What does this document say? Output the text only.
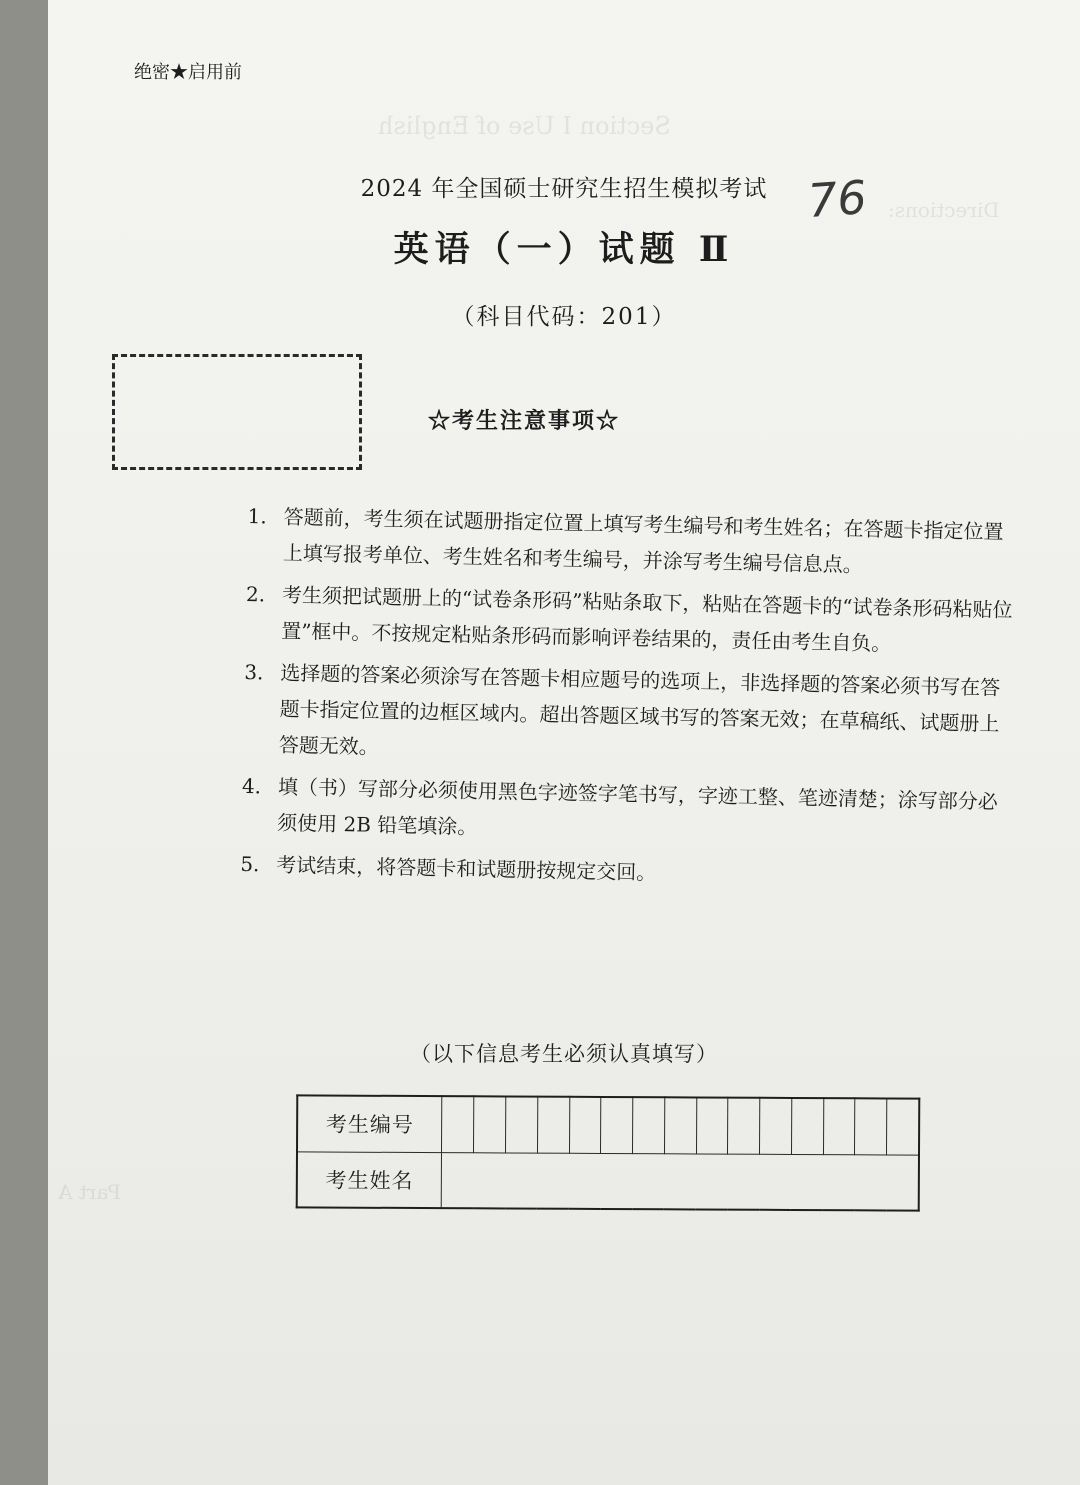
Section I Use of English
Directions:
Part A
绝密★启用前
2024 年全国硕士研究生招生模拟考试 76
英语（一）试题 Ⅱ
（科目代码：201）
☆考生注意事项☆
1. 答题前，考生须在试题册指定位置上填写考生编号和考生姓名；在答题卡指定位置上填写报考单位、考生姓名和考生编号，并涂写考生编号信息点。
2. 考生须把试题册上的“试卷条形码”粘贴条取下，粘贴在答题卡的“试卷条形码粘贴位置”框中。不按规定粘贴条形码而影响评卷结果的，责任由考生自负。
3. 选择题的答案必须涂写在答题卡相应题号的选项上，非选择题的答案必须书写在答题卡指定位置的边框区域内。超出答题区域书写的答案无效；在草稿纸、试题册上答题无效。
4. 填（书）写部分必须使用黑色字迹签字笔书写，字迹工整、笔迹清楚；涂写部分必须使用 2B 铅笔填涂。
5. 考试结束，将答题卡和试题册按规定交回。
（以下信息考生必须认真填写）
考生编号															
考生姓名															
